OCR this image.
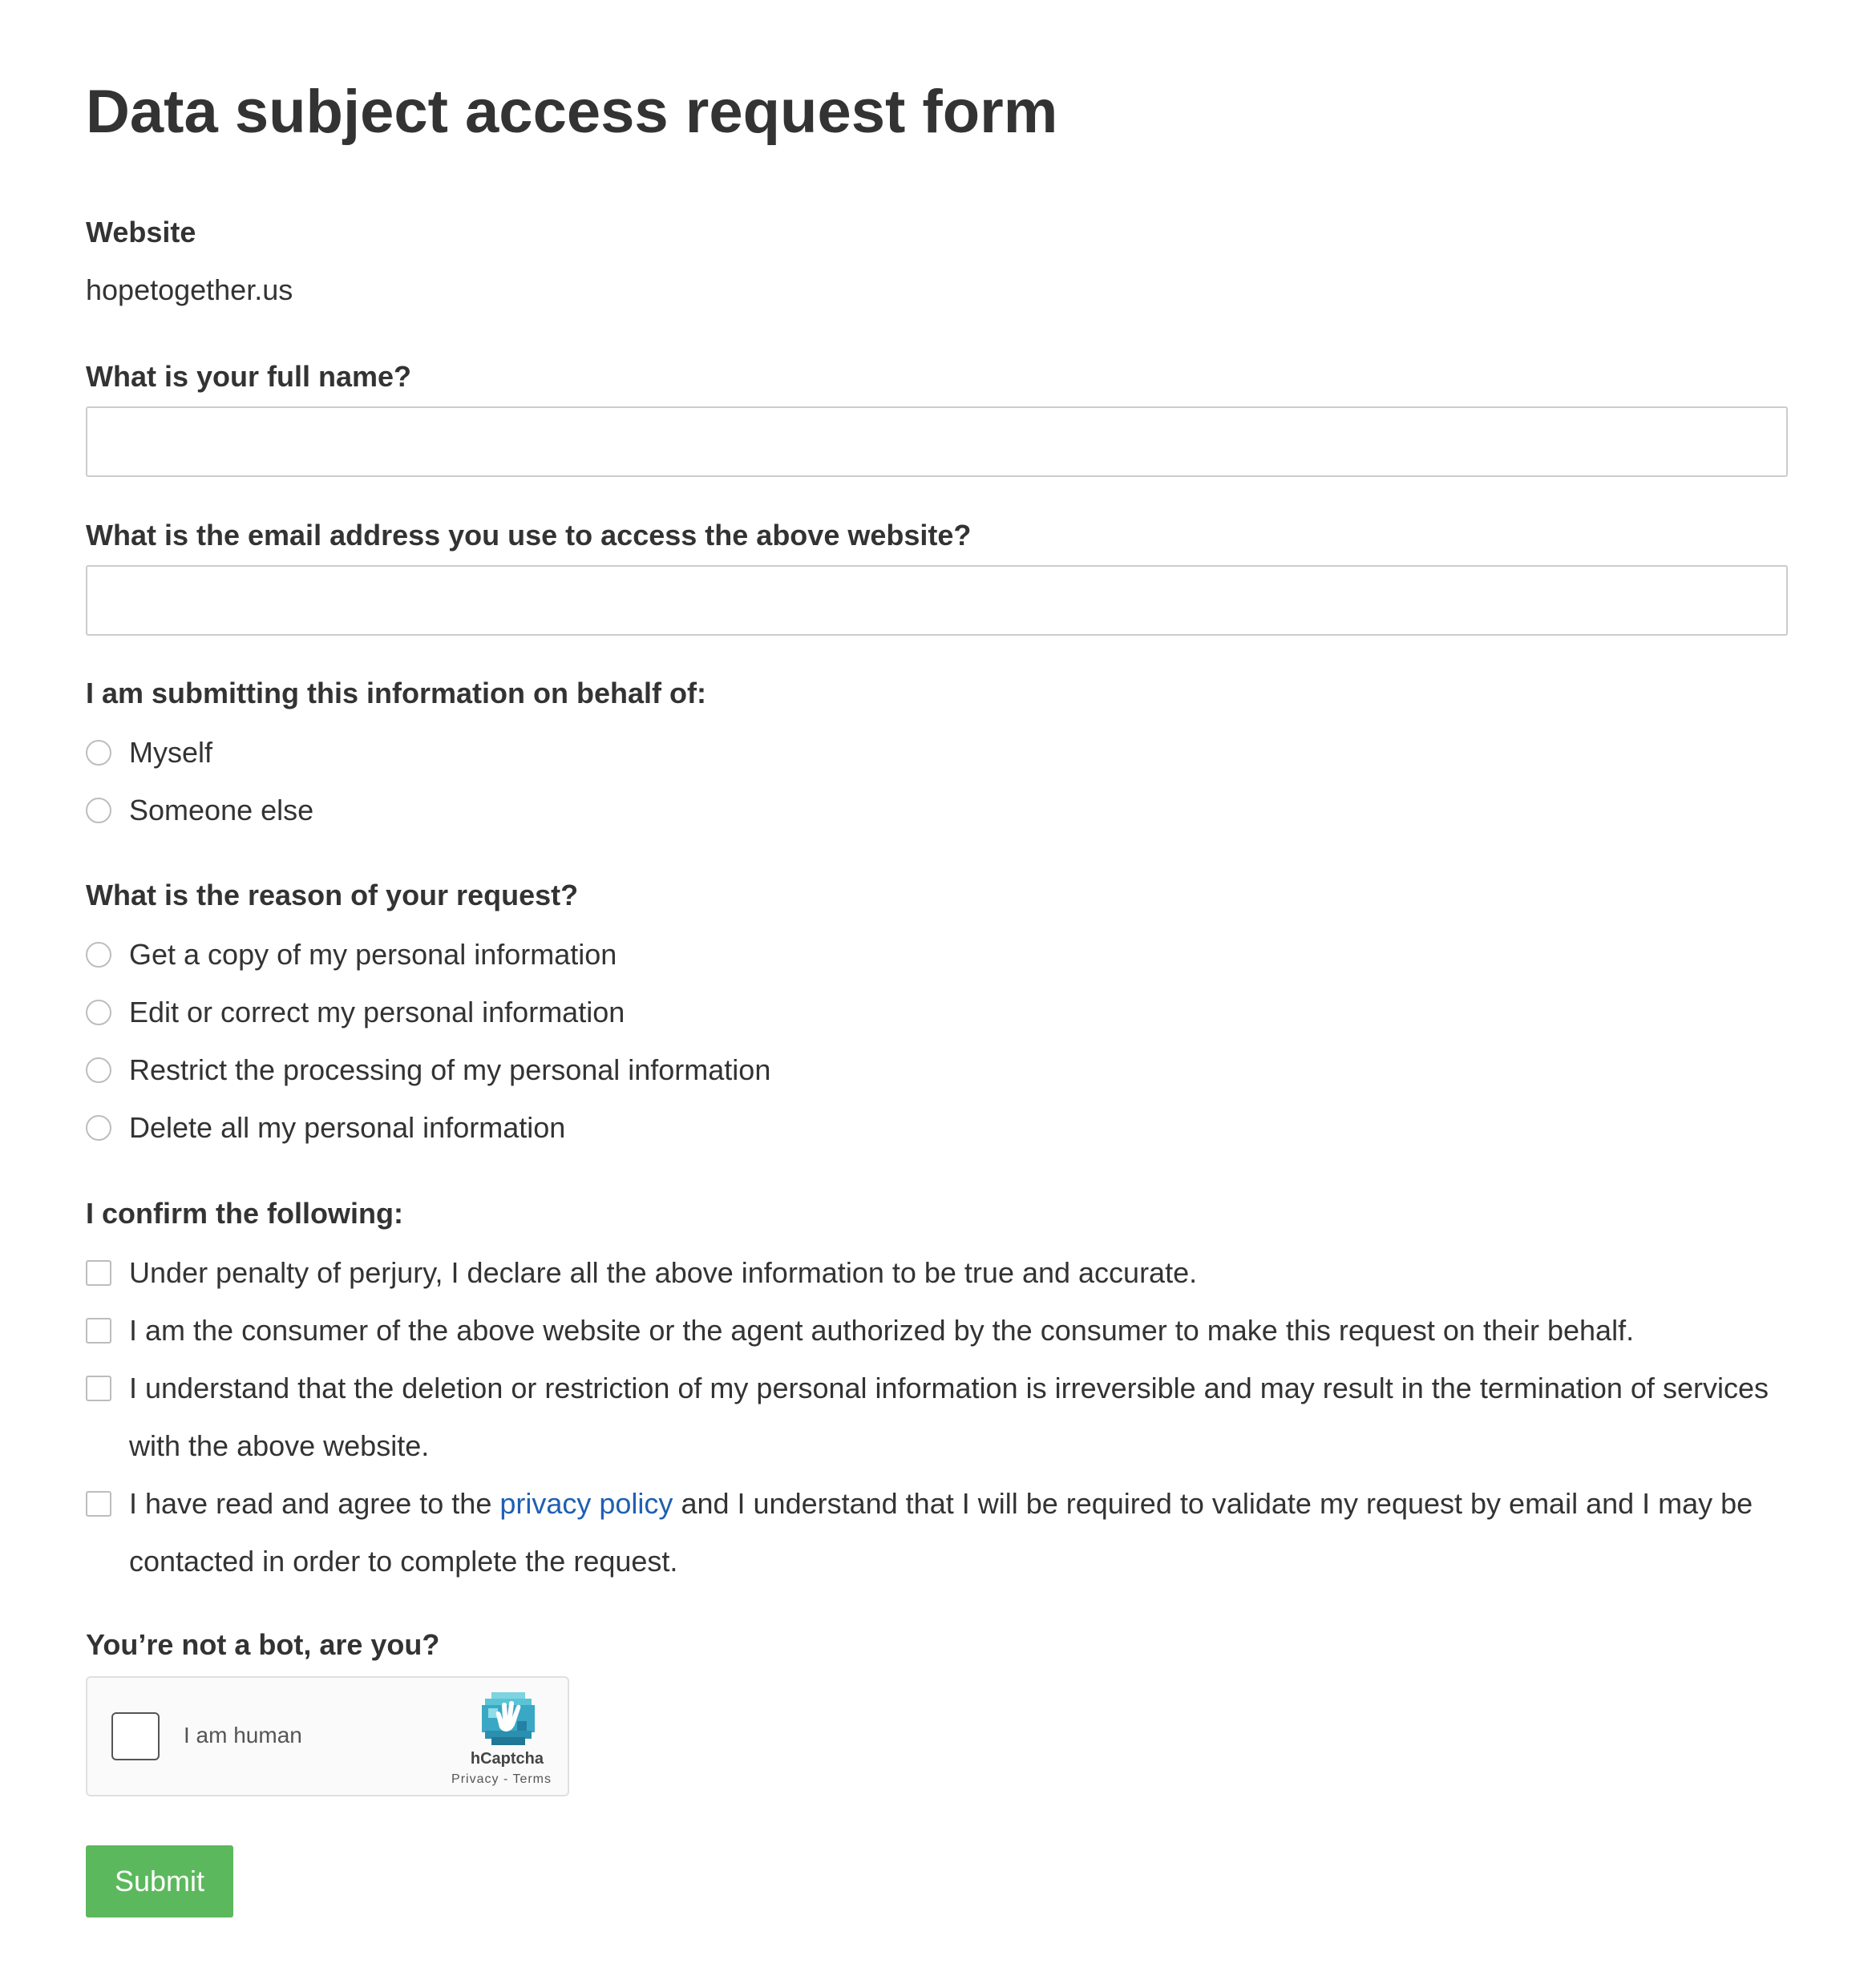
Data subject access request form
Website
hopetogether.us
What is your full name?
What is the email address you use to access the above website?
I am submitting this information on behalf of:
Myself
Someone else
What is the reason of your request?
Get a copy of my personal information
Edit or correct my personal information
Restrict the processing of my personal information
Delete all my personal information
I confirm the following:
Under penalty of perjury, I declare all the above information to be true and accurate.
I am the consumer of the above website or the agent authorized by the consumer to make this request on their behalf.
I understand that the deletion or restriction of my personal information is irreversible and may result in the termination of services with the above website.
I have read and agree to the privacy policy and I understand that I will be required to validate my request by email and I may be contacted in order to complete the request.
You’re not a bot, are you?
I am human
hCaptcha
Privacy - Terms
Submit
